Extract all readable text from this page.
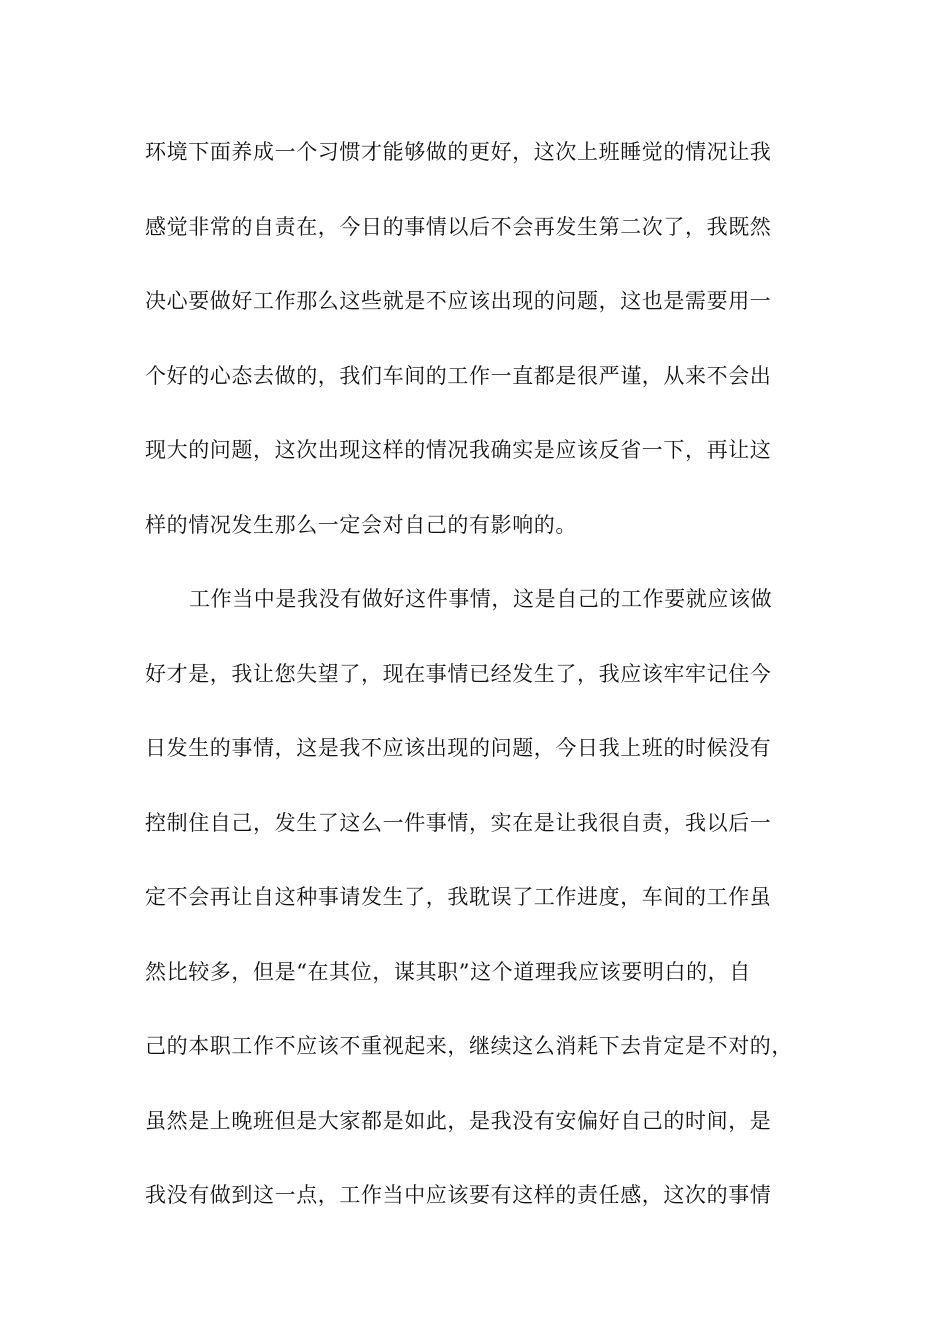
环境下面养成一个习惯才能够做的更好，这次上班睡觉的情况让我
感觉非常的自责在，今日的事情以后不会再发生第二次了，我既然
决心要做好工作那么这些就是不应该出现的问题，这也是需要用一
个好的心态去做的，我们车间的工作一直都是很严谨，从来不会出
现大的问题，这次出现这样的情况我确实是应该反省一下，再让这
样的情况发生那么一定会对自己的有影响的。
工作当中是我没有做好这件事情，这是自己的工作要就应该做
好才是，我让您失望了，现在事情已经发生了，我应该牢牢记住今
日发生的事情，这是我不应该出现的问题，今日我上班的时候没有
控制住自己，发生了这么一件事情，实在是让我很自责，我以后一
定不会再让自这种事请发生了，我耽误了工作进度，车间的工作虽
然比较多，但是“在其位，谋其职”这个道理我应该要明白的，自
己的本职工作不应该不重视起来，继续这么消耗下去肯定是不对的，
虽然是上晚班但是大家都是如此，是我没有安偏好自己的时间，是
我没有做到这一点，工作当中应该要有这样的责任感，这次的事情
